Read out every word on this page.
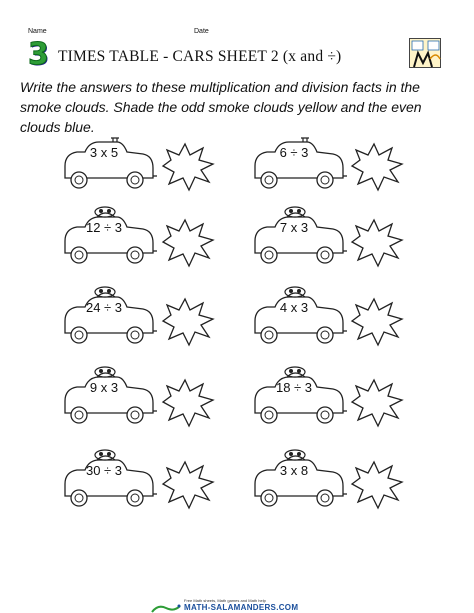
Name	Date
3 TIMES TABLE - CARS SHEET 2 (x and ÷)
Write the answers to these multiplication and division facts in the smoke clouds. Shade the odd smoke clouds yellow and the even clouds blue.
3 x 5	6 ÷ 3
12 ÷ 3	7 x 3
24 ÷ 3	4 x 3
9 x 3	18 ÷ 3
30 ÷ 3	3 x 8
Free Math sheets, Math games and Math help
MATH-SALAMANDERS.COM
